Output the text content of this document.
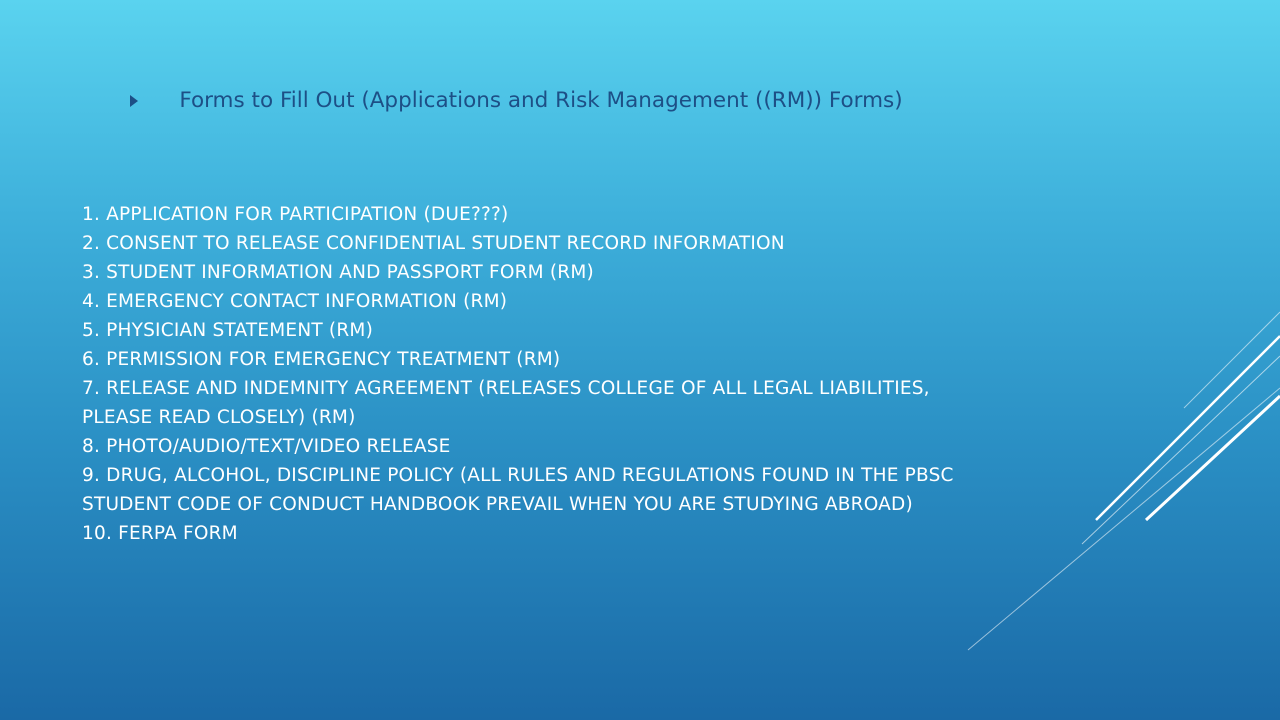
Forms to Fill Out (Applications and Risk Management ((RM)) Forms)
1. APPLICATION FOR PARTICIPATION (DUE???)
2. CONSENT TO RELEASE CONFIDENTIAL STUDENT RECORD INFORMATION
3. STUDENT INFORMATION AND PASSPORT FORM (RM)
4. EMERGENCY CONTACT INFORMATION (RM)
5. PHYSICIAN STATEMENT (RM)
6. PERMISSION FOR EMERGENCY TREATMENT (RM)
7. RELEASE AND INDEMNITY AGREEMENT (RELEASES COLLEGE OF ALL LEGAL LIABILITIES, PLEASE READ CLOSELY) (RM)
8. PHOTO/AUDIO/TEXT/VIDEO RELEASE
9. DRUG, ALCOHOL, DISCIPLINE POLICY (ALL RULES AND REGULATIONS FOUND IN THE PBSC STUDENT CODE OF CONDUCT HANDBOOK PREVAIL WHEN YOU ARE STUDYING ABROAD)
10. FERPA FORM
